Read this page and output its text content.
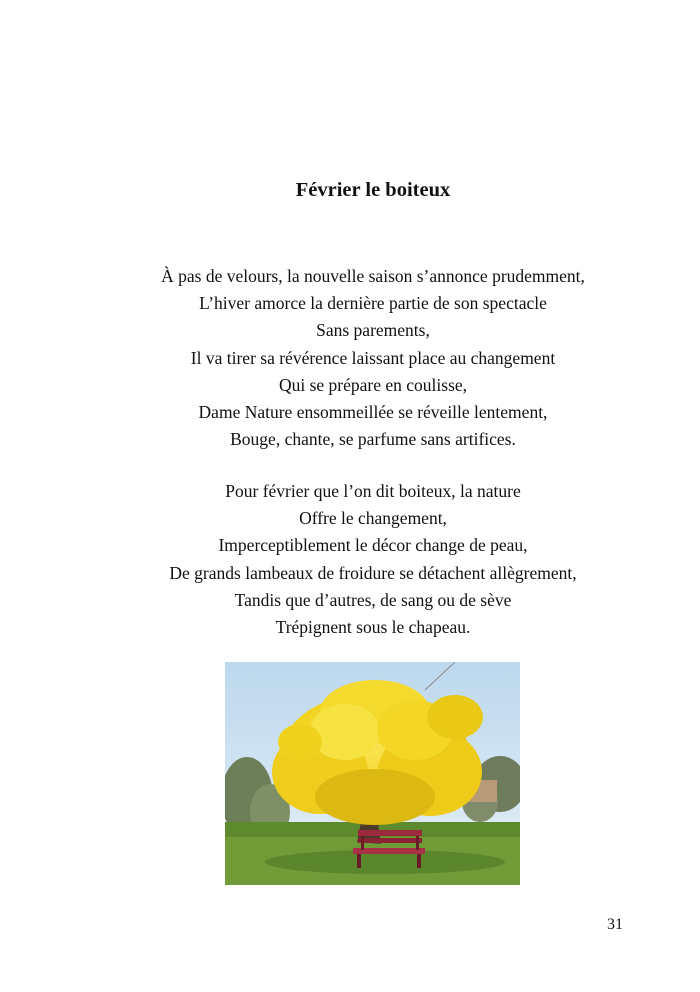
Février le boiteux
À pas de velours, la nouvelle saison s’annonce prudemment,
L’hiver amorce la dernière partie de son spectacle
Sans parements,
Il va tirer sa révérence laissant place au changement
Qui se prépare en coulisse,
Dame Nature ensommeillée se réveille lentement,
Bouge, chante, se parfume sans artifices.
Pour février que l’on dit boiteux, la nature
Offre le changement,
Imperceptiblement le décor change de peau,
De grands lambeaux de froidure se détachent allègrement,
Tandis que d’autres, de sang ou de sève
Trépignent sous le chapeau.
31
